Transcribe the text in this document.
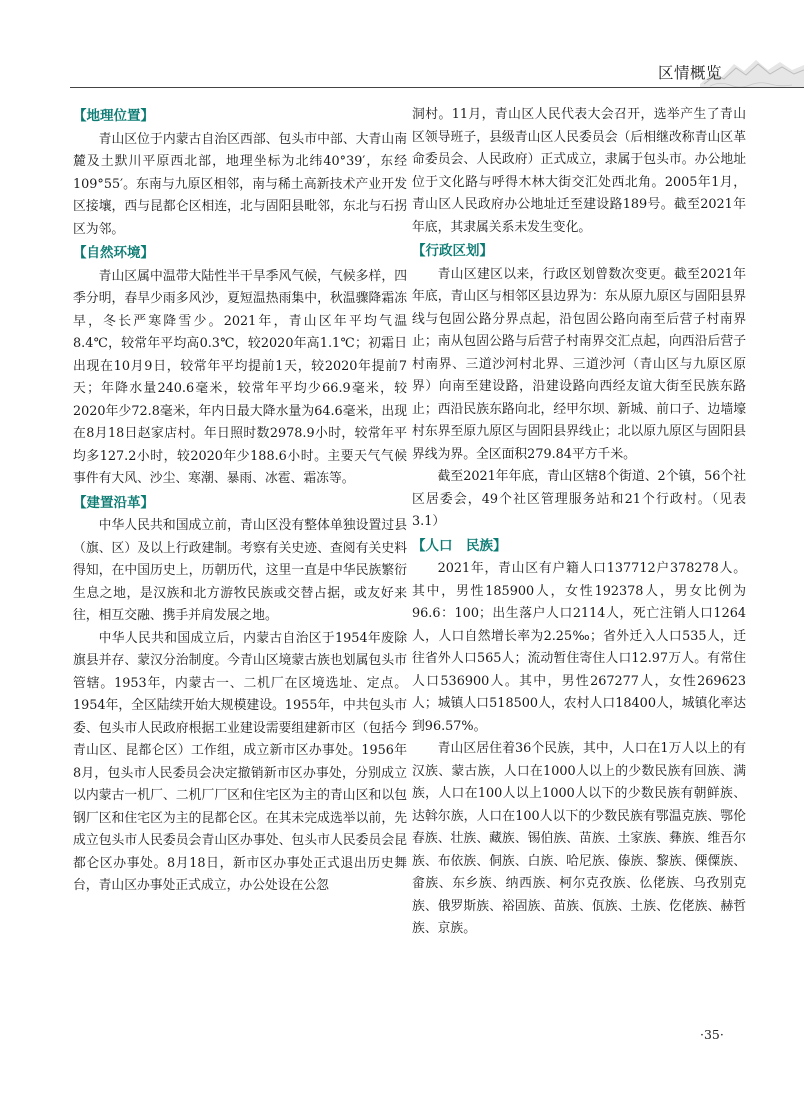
区情概览
【地理位置】

青山区位于内蒙古自治区西部、包头市中部、大青山南麓及土默川平原西北部，地理坐标为北纬40°39′，东经109°55′。东南与九原区相邻，南与稀土高新技术产业开发区接壤，西与昆都仑区相连，北与固阳县毗邻，东北与石拐区为邻。

【自然环境】

青山区属中温带大陆性半干旱季风气候，气候多样，四季分明，春旱少雨多风沙，夏短温热雨集中，秋温骤降霜冻早，冬长严寒降雪少。2021年，青山区年平均气温8.4℃，较常年平均高0.3℃，较2020年高1.1℃；初霜日出现在10月9日，较常年平均提前1天，较2020年提前7天；年降水量240.6毫米，较常年平均少66.9毫米，较2020年少72.8毫米，年内日最大降水量为64.6毫米，出现在8月18日赵家店村。年日照时数2978.9小时，较常年平均多127.2小时，较2020年少188.6小时。主要天气气候事件有大风、沙尘、寒潮、暴雨、冰雹、霜冻等。

【建置沿革】

中华人民共和国成立前，青山区没有整体单独设置过县（旗、区）及以上行政建制。考察有关史迹、查阅有关史料得知，在中国历史上，历朝历代，这里一直是中华民族繁衍生息之地，是汉族和北方游牧民族或交替占据，或友好来往，相互交融、携手并肩发展之地。

中华人民共和国成立后，内蒙古自治区于1954年废除旗县并存、蒙汉分治制度。今青山区境蒙古族也划属包头市管辖。1953年，内蒙古一、二机厂在区境选址、定点。1954年，全区陆续开始大规模建设。1955年，中共包头市委、包头市人民政府根据工业建设需要组建新市区（包括今青山区、昆都仑区）工作组，成立新市区办事处。1956年8月，包头市人民委员会决定撤销新市区办事处，分别成立以内蒙古一机厂、二机厂厂区和住宅区为主的青山区和以包钢厂区和住宅区为主的昆都仑区。在其未完成选举以前，先成立包头市人民委员会青山区办事处、包头市人民委员会昆都仑区办事处。8月18日，新市区办事处正式退出历史舞台，青山区办事处正式成立，办公处设在公忽

洞村。11月，青山区人民代表大会召开，选举产生了青山区领导班子，县级青山区人民委员会（后相继改称青山区革命委员会、人民政府）正式成立，隶属于包头市。办公地址位于文化路与呼得木林大街交汇处西北角。2005年1月，青山区人民政府办公地址迁至建设路189号。截至2021年年底，其隶属关系未发生变化。

【行政区划】

青山区建区以来，行政区划曾数次变更。截至2021年年底，青山区与相邻区县边界为：东从原九原区与固阳县界线与包固公路分界点起，沿包固公路向南至后营子村南界止；南从包固公路与后营子村南界交汇点起，向西沿后营子村南界、三道沙河村北界、三道沙河（青山区与九原区原界）向南至建设路，沿建设路向西经友谊大街至民族东路止；西沿民族东路向北，经甲尔坝、新城、前口子、边墙壕村东界至原九原区与固阳县界线止；北以原九原区与固阳县界线为界。全区面积279.84平方千米。

截至2021年年底，青山区辖8个街道、2个镇，56个社区居委会，49个社区管理服务站和21个行政村。（见表3.1）

【人口　民族】

2021年，青山区有户籍人口137712户378278人。其中，男性185900人，女性192378人，男女比例为96.6：100；出生落户人口2114人，死亡注销人口1264人，人口自然增长率为2.25‰；省外迁入人口535人，迁往省外人口565人；流动暂住寄住人口12.97万人。有常住人口536900人。其中，男性267277人，女性269623人；城镇人口518500人，农村人口18400人，城镇化率达到96.57%。

青山区居住着36个民族，其中，人口在1万人以上的有汉族、蒙古族，人口在1000人以上的少数民族有回族、满族，人口在100人以上1000人以下的少数民族有朝鲜族、达斡尔族，人口在100人以下的少数民族有鄂温克族、鄂伦春族、壮族、藏族、锡伯族、苗族、土家族、彝族、维吾尔族、布依族、侗族、白族、哈尼族、傣族、黎族、傈僳族、畲族、东乡族、纳西族、柯尔克孜族、仫佬族、乌孜别克族、俄罗斯族、裕固族、苗族、佤族、土族、仡佬族、赫哲族、京族。

·35·
